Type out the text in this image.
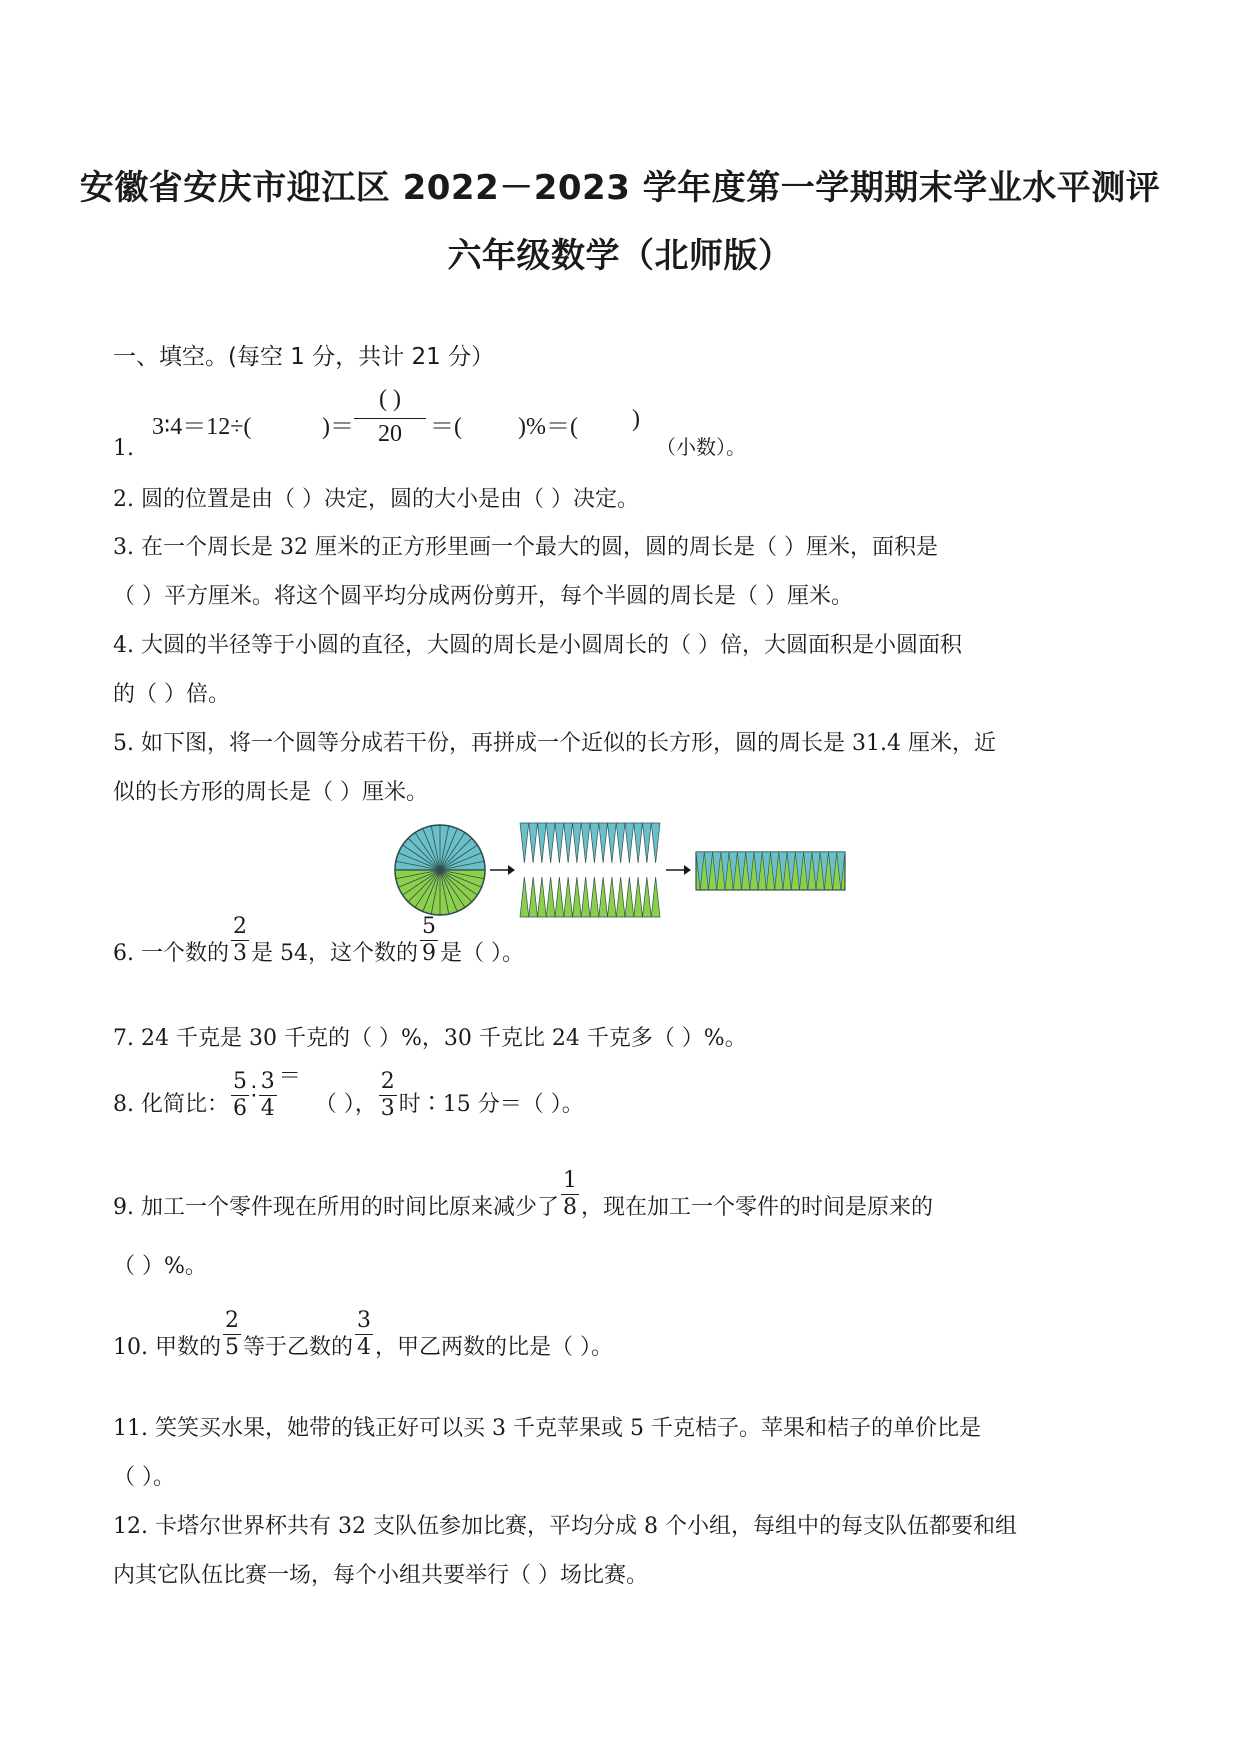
安徽省安庆市迎江区 2022－2023 学年度第一学期期末学业水平测评
六年级数学（北师版）
一、填空。(每空 1 分，共计 21 分）
1.
3∶4＝12÷(	)＝
( )
20	＝( )%＝( )
（小数）。
2. 圆的位置是由（ ）决定，圆的大小是由（ ）决定。
3. 在一个周长是 32 厘米的正方形里画一个最大的圆，圆的周长是（ ）厘米，面积是
（ ）平方厘米。将这个圆平均分成两份剪开，每个半圆的周长是（ ）厘米。
4. 大圆的半径等于小圆的直径，大圆的周长是小圆周长的（ ）倍，大圆面积是小圆面积
的（ ）倍。
5. 如下图，将一个圆等分成若干份，再拼成一个近似的长方形，圆的周长是 31.4 厘米，近
似的长方形的周长是（ ）厘米。
6. 一个数的 $\frac{2}{3}$ 是 54，这个数的 $\frac{5}{9}$ 是（ ）。
7. 24 千克是 30 千克的（ ）%，30 千克比 24 千克多（ ）%。
8. 化简比： $\frac{5}{6}$ ∶ $\frac{3}{4}$ ＝
（ ）， $\frac{2}{3}$ 时∶15 分＝（ ）。
9. 加工一个零件现在所用的时间比原来减少了 $\frac{1}{8}$ ，现在加工一个零件的时间是原来的
（ ）%。
10. 甲数的 $\frac{2}{5}$ 等于乙数的 $\frac{3}{4}$ ，甲乙两数的比是（ ）。
11. 笑笑买水果，她带的钱正好可以买 3 千克苹果或 5 千克桔子。苹果和桔子的单价比是
（ ）。
12. 卡塔尔世界杯共有 32 支队伍参加比赛，平均分成 8 个小组，每组中的每支队伍都要和组
内其它队伍比赛一场，每个小组共要举行（ ）场比赛。
